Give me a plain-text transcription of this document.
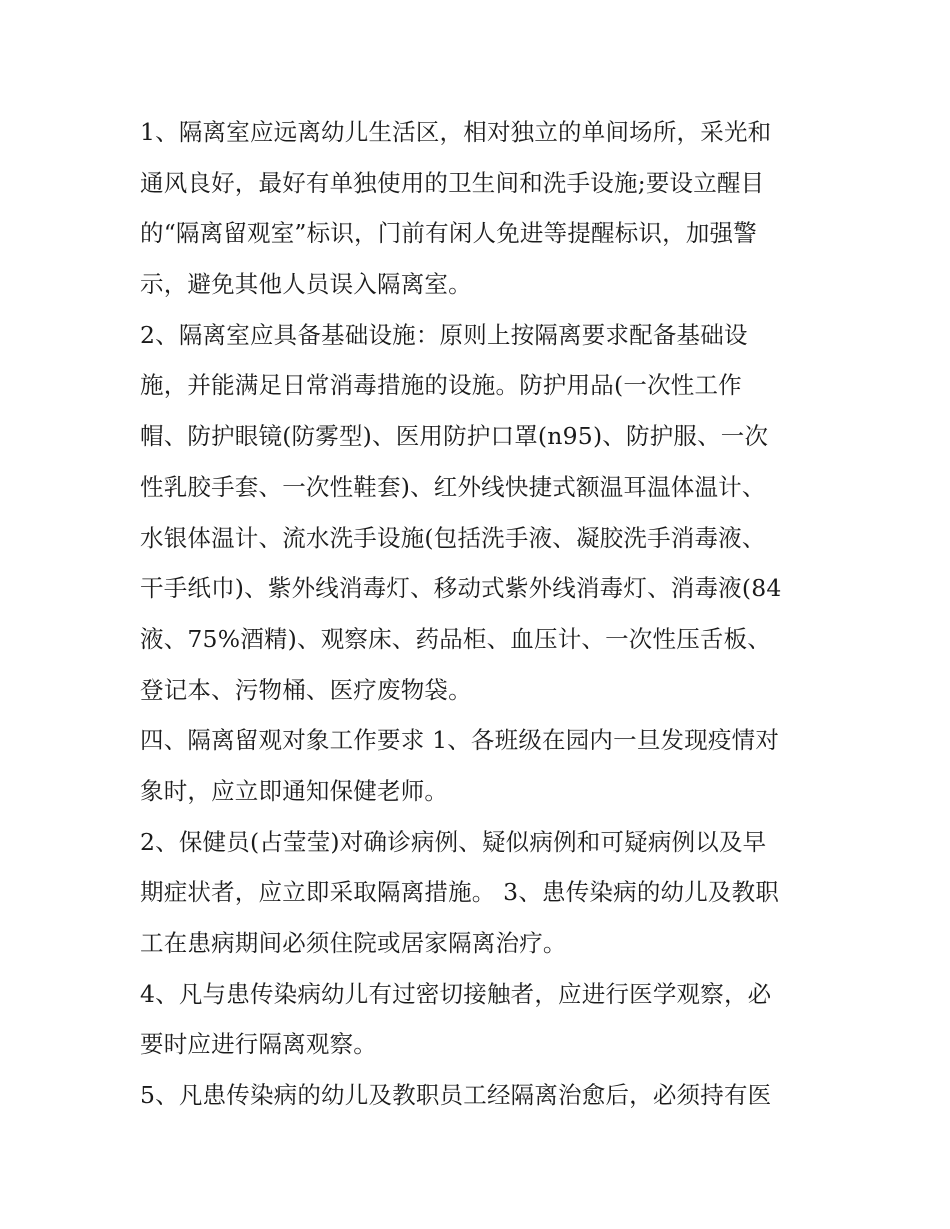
1、隔离室应远离幼儿生活区，相对独立的单间场所，采光和
通风良好，最好有单独使用的卫生间和洗手设施;要设立醒目
的“隔离留观室”标识，门前有闲人免进等提醒标识，加强警
示，避免其他人员误入隔离室。
2、隔离室应具备基础设施：原则上按隔离要求配备基础设
施，并能满足日常消毒措施的设施。防护用品(一次性工作
帽、防护眼镜(防雾型)、医用防护口罩(n95)、防护服、一次
性乳胶手套、一次性鞋套)、红外线快捷式额温耳温体温计、
水银体温计、流水洗手设施(包括洗手液、凝胶洗手消毒液、
干手纸巾)、紫外线消毒灯、移动式紫外线消毒灯、消毒液(84
液、75%酒精)、观察床、药品柜、血压计、一次性压舌板、
登记本、污物桶、医疗废物袋。
四、隔离留观对象工作要求 1、各班级在园内一旦发现疫情对
象时，应立即通知保健老师。
2、保健员(占莹莹)对确诊病例、疑似病例和可疑病例以及早
期症状者，应立即采取隔离措施。 3、患传染病的幼儿及教职
工在患病期间必须住院或居家隔离治疗。
4、凡与患传染病幼儿有过密切接触者，应进行医学观察，必
要时应进行隔离观察。
5、凡患传染病的幼儿及教职员工经隔离治愈后，必须持有医
